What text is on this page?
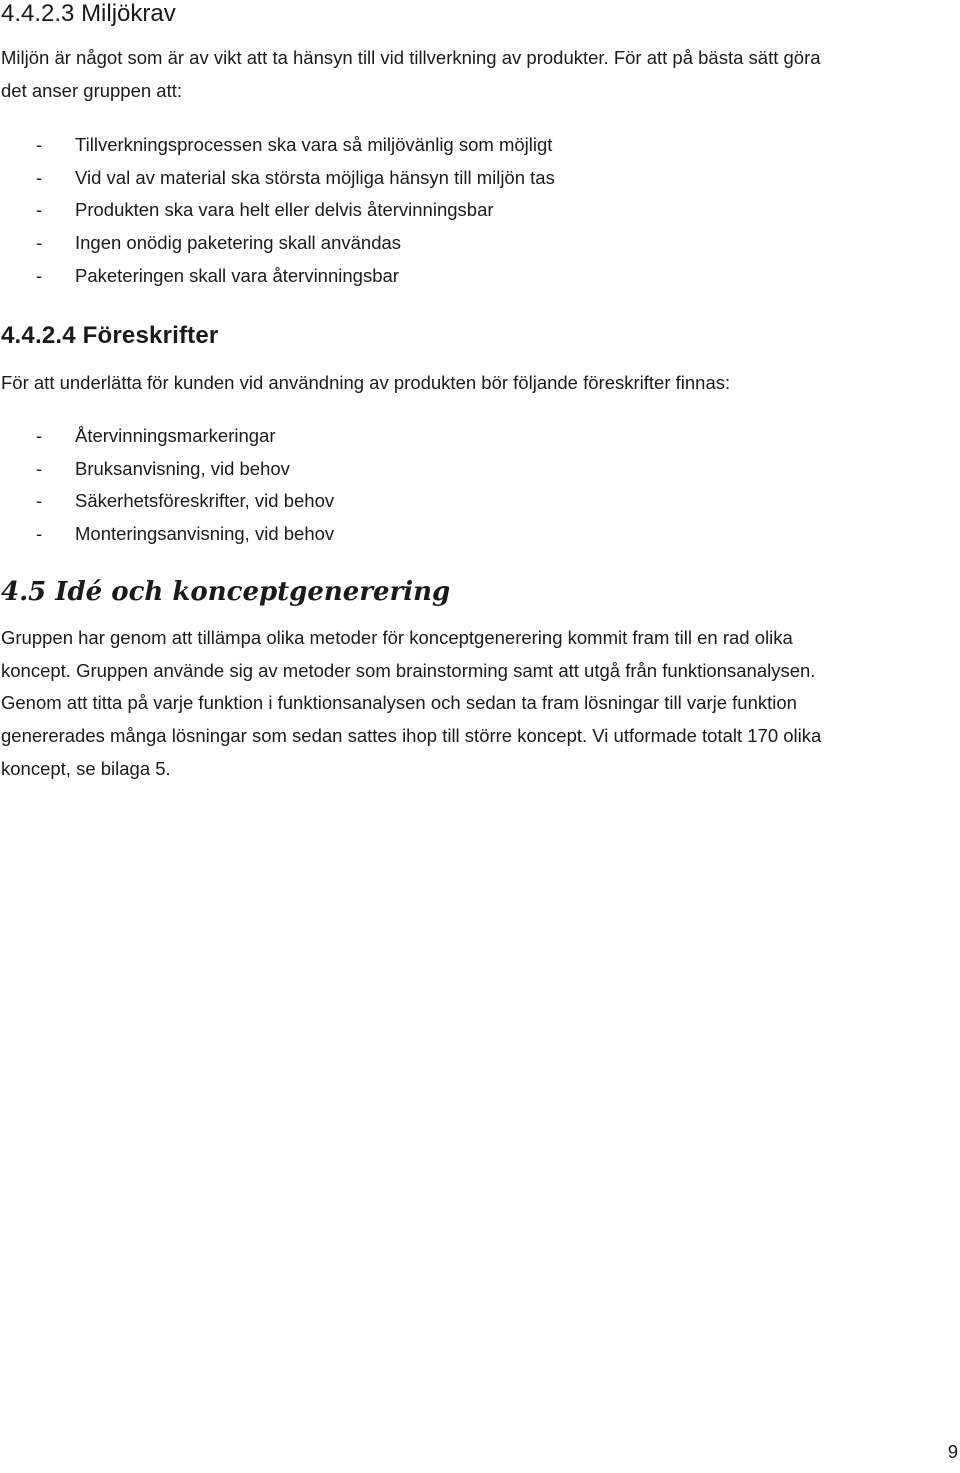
4.4.2.3 Miljökrav

Miljön är något som är av vikt att ta hänsyn till vid tillverkning av produkter. För att på bästa sätt göra
det anser gruppen att:

- Tillverkningsprocessen ska vara så miljövänlig som möjligt
- Vid val av material ska största möjliga hänsyn till miljön tas
- Produkten ska vara helt eller delvis återvinningsbar
- Ingen onödig paketering skall användas
- Paketeringen skall vara återvinningsbar
4.4.2.4 Föreskrifter

För att underlätta för kunden vid användning av produkten bör följande föreskrifter finnas:

- Återvinningsmarkeringar
- Bruksanvisning, vid behov
- Säkerhetsföreskrifter, vid behov
- Monteringsanvisning, vid behov
4.5 Idé och konceptgenerering

Gruppen har genom att tillämpa olika metoder för konceptgenerering kommit fram till en rad olika
koncept. Gruppen använde sig av metoder som brainstorming samt att utgå från funktionsanalysen.
Genom att titta på varje funktion i funktionsanalysen och sedan ta fram lösningar till varje funktion
genererades många lösningar som sedan sattes ihop till större koncept. Vi utformade totalt 170 olika
koncept, se bilaga 5.

9
